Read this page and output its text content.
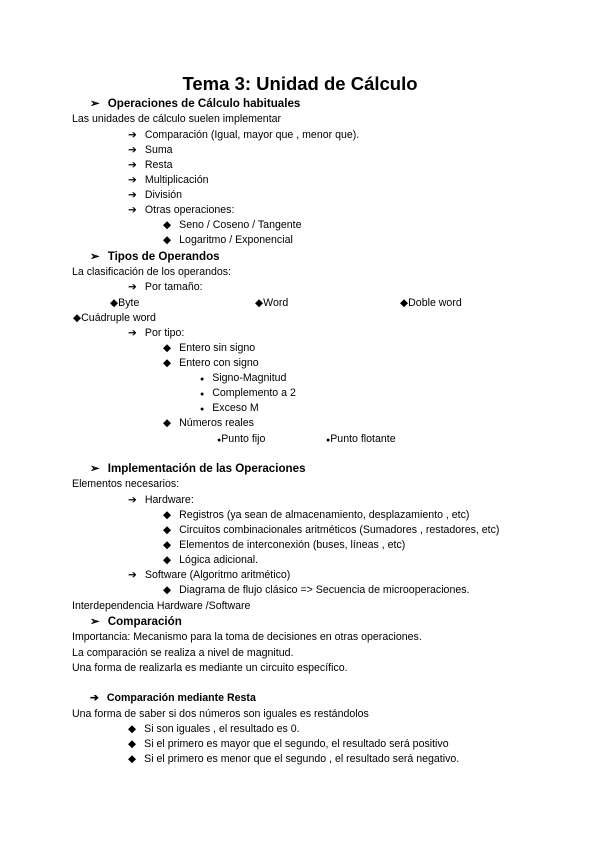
Tema 3: Unidad de Cálculo
➢ Operaciones de Cálculo habituales
Las unidades de cálculo suelen implementar
➔ Comparación (Igual, mayor que , menor que).
➔ Suma
➔ Resta
➔ Multiplicación
➔ División
➔ Otras operaciones:
◆ Seno / Coseno / Tangente
◆ Logaritmo / Exponencial
➢ Tipos de Operandos
La clasificación de los operandos:
➔ Por tamaño:
◆Byte	◆Word	◆Doble word
◆Cuádruple word
➔ Por tipo:
◆ Entero sin signo
◆ Entero con signo
● Signo-Magnitud
● Complemento a 2
● Exceso M
◆ Números reales
●Punto fijo	●Punto flotante
➢ Implementación de las Operaciones
Elementos necesarios:
➔ Hardware:
◆ Registros (ya sean de almacenamiento, desplazamiento , etc)
◆ Circuitos combinacionales aritméticos (Sumadores , restadores, etc)
◆ Elementos de interconexión (buses, líneas , etc)
◆ Lógica adicional.
➔ Software (Algoritmo aritmético)
◆ Diagrama de flujo clásico => Secuencia de microoperaciones.
Interdependencia Hardware /Software
➢ Comparación
Importancia: Mecanismo para la toma de decisiones en otras operaciones.
La comparación se realiza a nivel de magnitud.
Una forma de realizarla es mediante un circuito específico.
➔ Comparación mediante Resta
Una forma de saber si dos números son iguales es restándolos
◆ Si son iguales , el resultado es 0.
◆ Si el primero es mayor que el segundo, el resultado será positivo
◆ Si el primero es menor que el segundo , el resultado será negativo.
